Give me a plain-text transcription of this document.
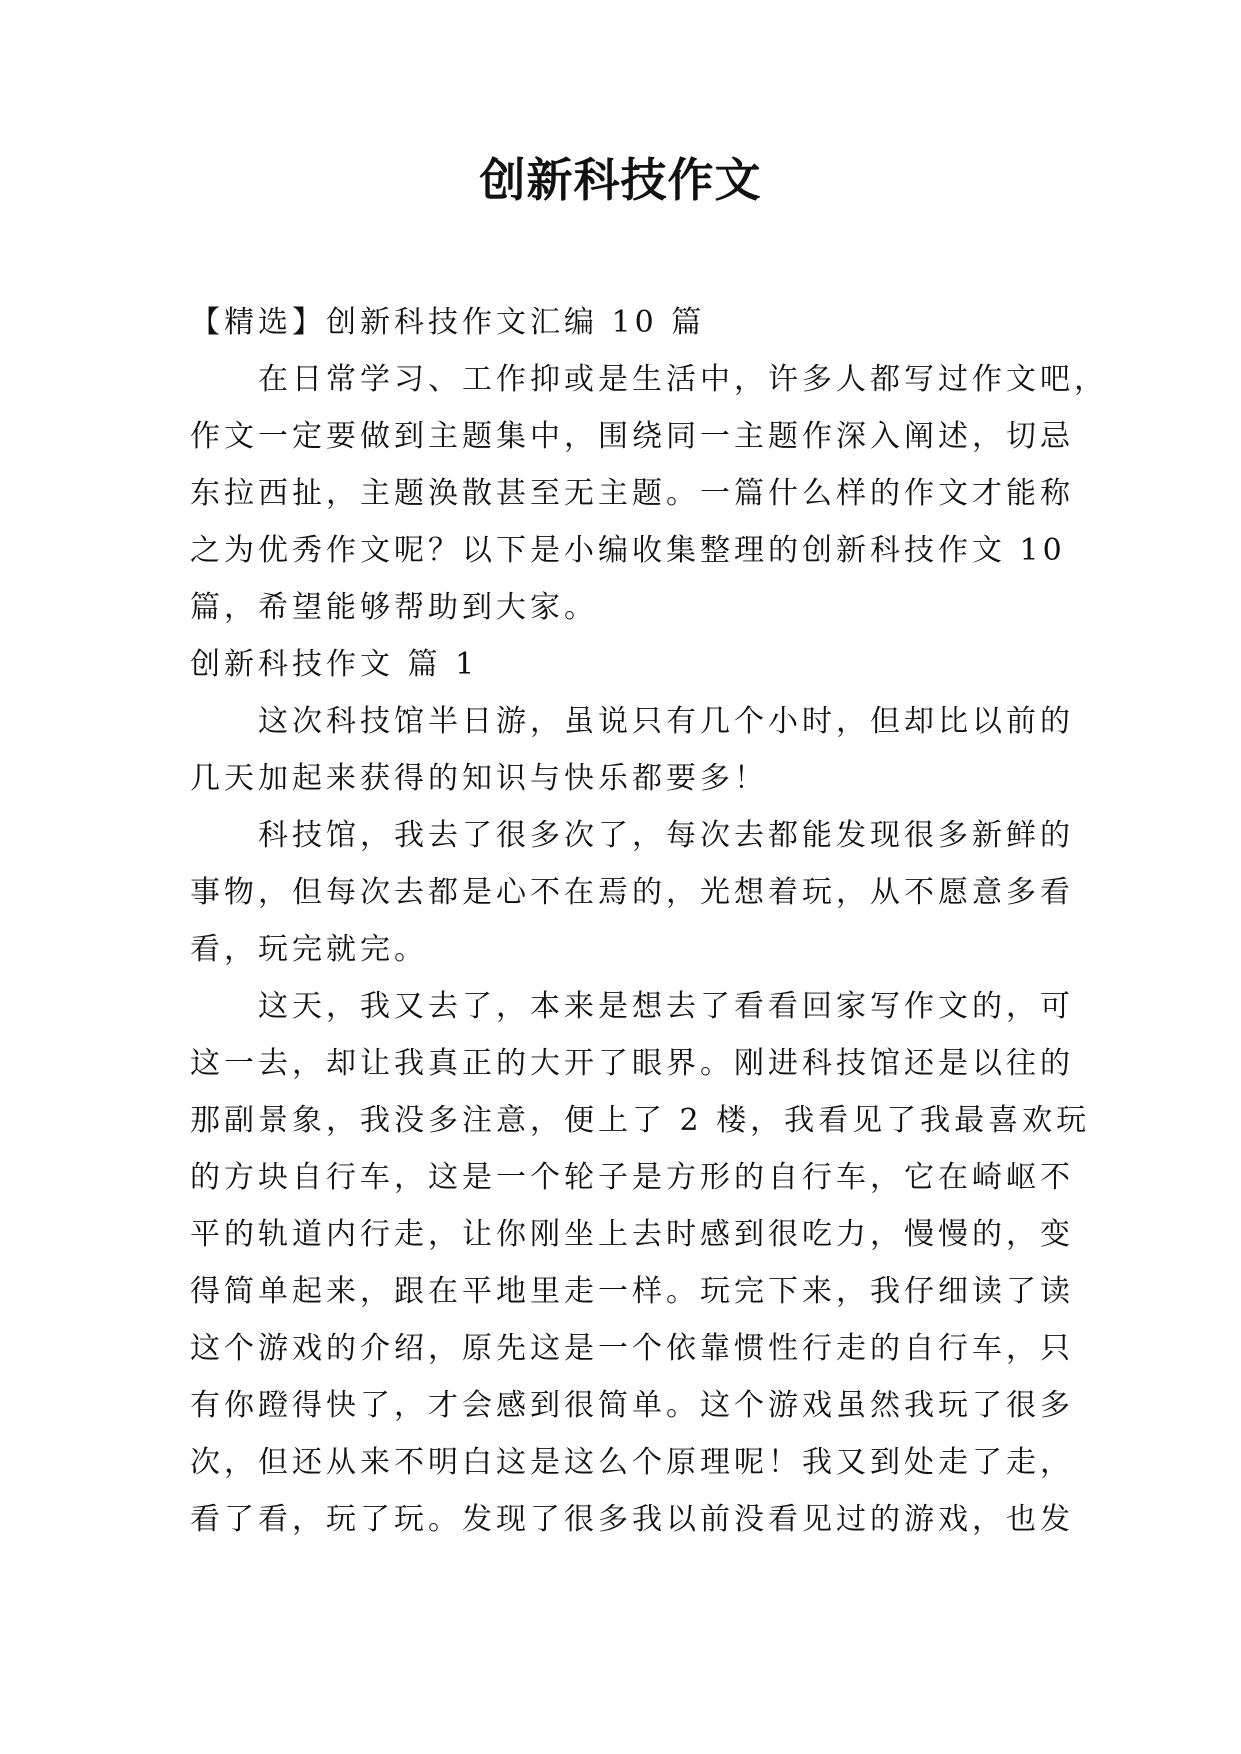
创新科技作文
【精选】创新科技作文汇编 10 篇
在日常学习、工作抑或是生活中，许多人都写过作文吧，
作文一定要做到主题集中，围绕同一主题作深入阐述，切忌
东拉西扯，主题涣散甚至无主题。一篇什么样的作文才能称
之为优秀作文呢？以下是小编收集整理的创新科技作文 10
篇，希望能够帮助到大家。
创新科技作文 篇 1
这次科技馆半日游，虽说只有几个小时，但却比以前的
几天加起来获得的知识与快乐都要多！
科技馆，我去了很多次了，每次去都能发现很多新鲜的
事物，但每次去都是心不在焉的，光想着玩，从不愿意多看
看，玩完就完。
这天，我又去了，本来是想去了看看回家写作文的，可
这一去，却让我真正的大开了眼界。刚进科技馆还是以往的
那副景象，我没多注意，便上了 2 楼，我看见了我最喜欢玩
的方块自行车，这是一个轮子是方形的自行车，它在崎岖不
平的轨道内行走，让你刚坐上去时感到很吃力，慢慢的，变
得简单起来，跟在平地里走一样。玩完下来，我仔细读了读
这个游戏的介绍，原先这是一个依靠惯性行走的自行车，只
有你蹬得快了，才会感到很简单。这个游戏虽然我玩了很多
次，但还从来不明白这是这么个原理呢！我又到处走了走，
看了看，玩了玩。发现了很多我以前没看见过的游戏，也发
